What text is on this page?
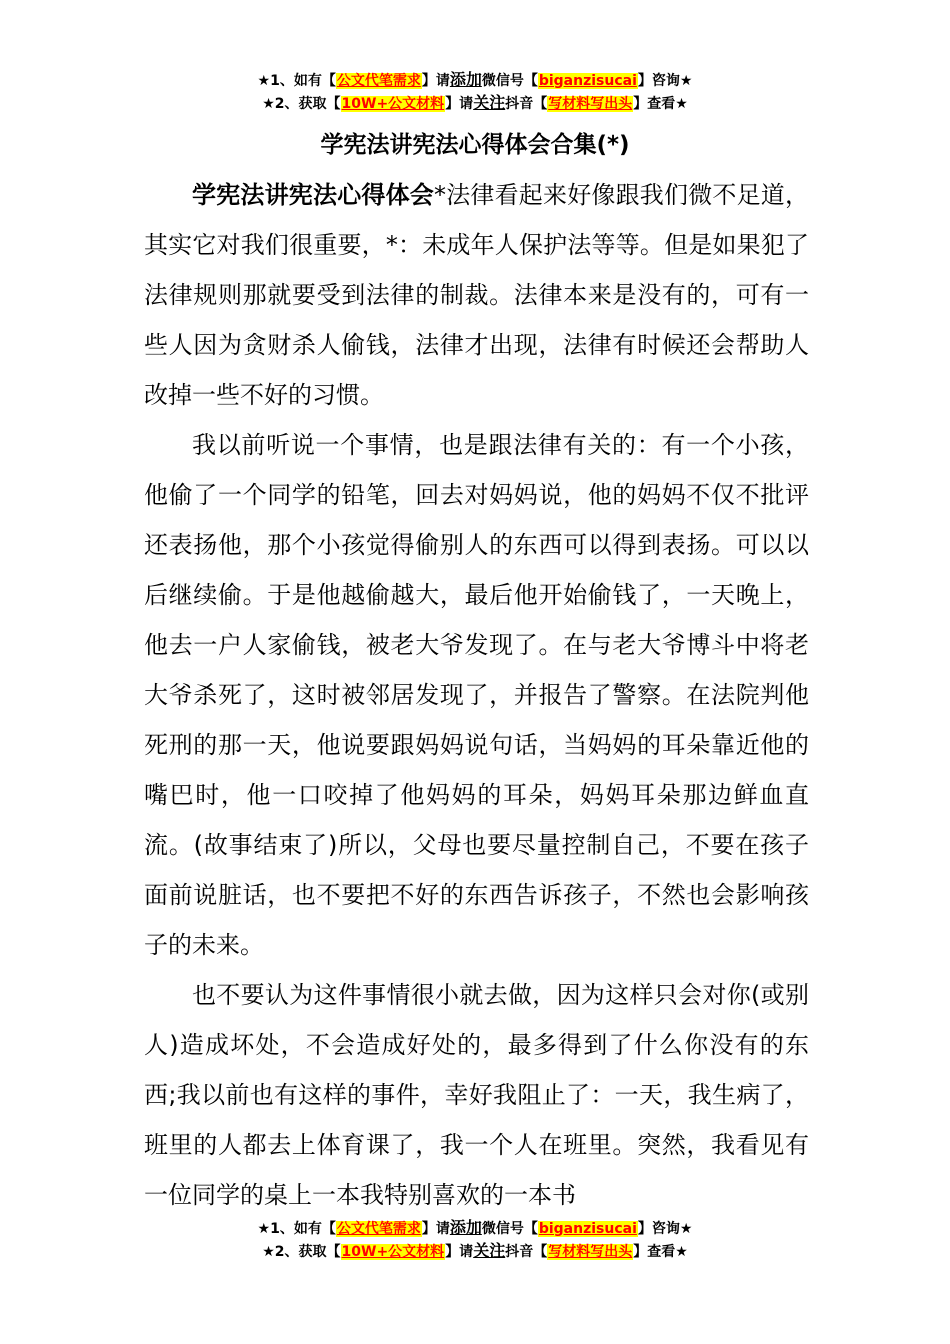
★1、如有【公文代笔需求】请添加微信号【biganzisucai】咨询★
★2、获取【10W+公文材料】请关注抖音【写材料写出头】查看★
学宪法讲宪法心得体会合集(*)

学宪法讲宪法心得体会*法律看起来好像跟我们微不足道，其实它对我们很重要，*：未成年人保护法等等。但是如果犯了法律规则那就要受到法律的制裁。法律本来是没有的，可有一些人因为贪财杀人偷钱，法律才出现，法律有时候还会帮助人改掉一些不好的习惯。

我以前听说一个事情，也是跟法律有关的：有一个小孩，他偷了一个同学的铅笔，回去对妈妈说，他的妈妈不仅不批评还表扬他，那个小孩觉得偷别人的东西可以得到表扬。可以以后继续偷。于是他越偷越大，最后他开始偷钱了，一天晚上，他去一户人家偷钱，被老大爷发现了。在与老大爷博斗中将老大爷杀死了，这时被邻居发现了，并报告了警察。在法院判他死刑的那一天，他说要跟妈妈说句话，当妈妈的耳朵靠近他的嘴巴时，他一口咬掉了他妈妈的耳朵，妈妈耳朵那边鲜血直流。(故事结束了)所以，父母也要尽量控制自己，不要在孩子面前说脏话，也不要把不好的东西告诉孩子，不然也会影响孩子的未来。

也不要认为这件事情很小就去做，因为这样只会对你(或别人)造成坏处，不会造成好处的，最多得到了什么你没有的东西;我以前也有这样的事件，幸好我阻止了：一天，我生病了，班里的人都去上体育课了，我一个人在班里。突然，我看见有一位同学的桌上一本我特别喜欢的一本书

★1、如有【公文代笔需求】请添加微信号【biganzisucai】咨询★
★2、获取【10W+公文材料】请关注抖音【写材料写出头】查看★
